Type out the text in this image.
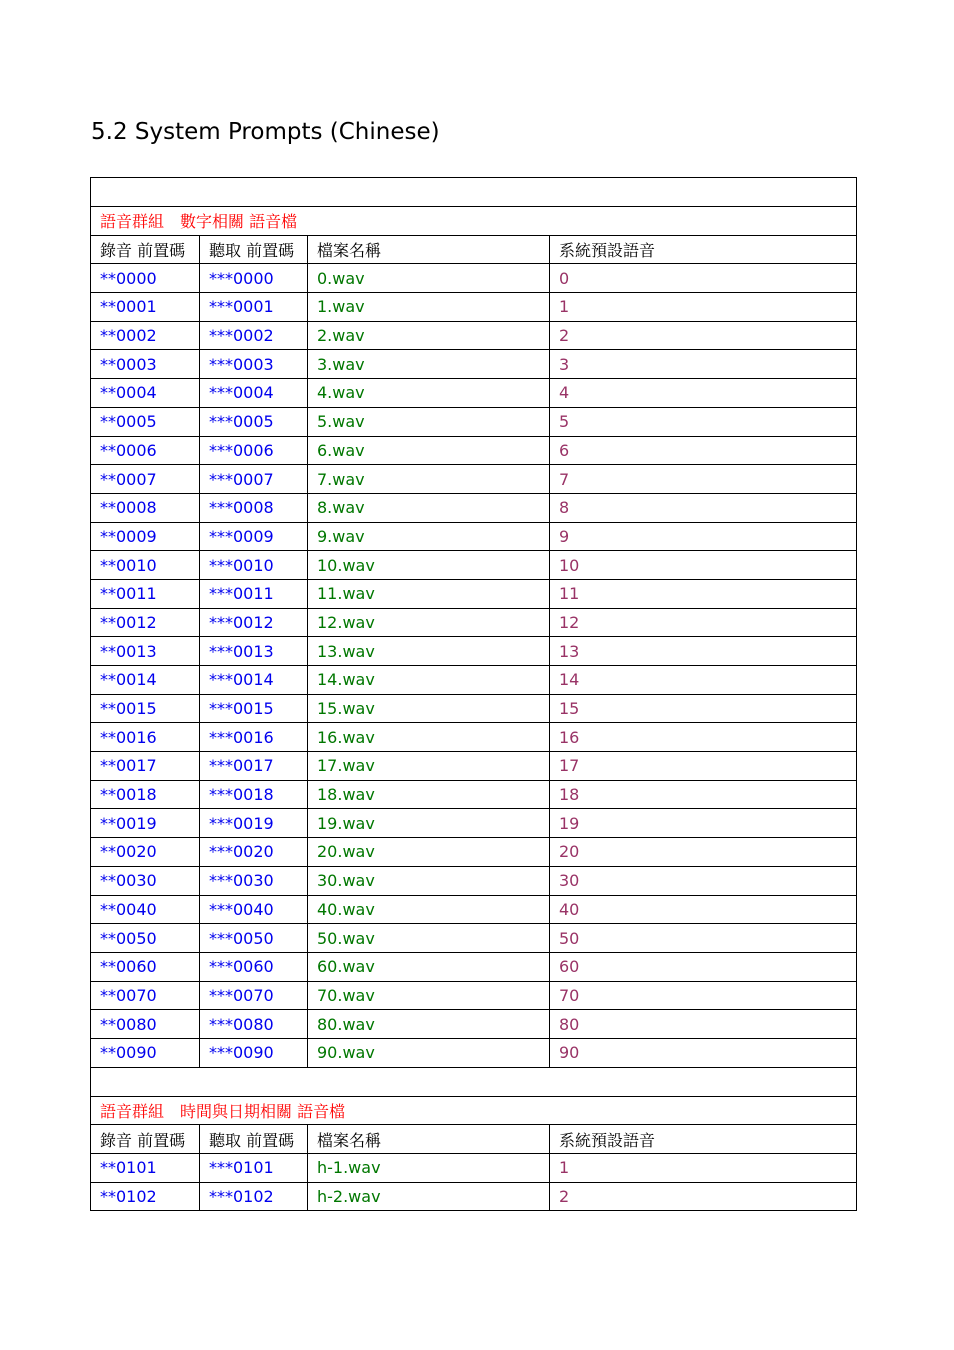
5.2 System Prompts (Chinese)

語音群組　數字相關 語音檔			
錄音 前置碼	聽取 前置碼	檔案名稱	系統預設語音
**0000	***0000	0.wav	0
**0001	***0001	1.wav	1
**0002	***0002	2.wav	2
**0003	***0003	3.wav	3
**0004	***0004	4.wav	4
**0005	***0005	5.wav	5
**0006	***0006	6.wav	6
**0007	***0007	7.wav	7
**0008	***0008	8.wav	8
**0009	***0009	9.wav	9
**0010	***0010	10.wav	10
**0011	***0011	11.wav	11
**0012	***0012	12.wav	12
**0013	***0013	13.wav	13
**0014	***0014	14.wav	14
**0015	***0015	15.wav	15
**0016	***0016	16.wav	16
**0017	***0017	17.wav	17
**0018	***0018	18.wav	18
**0019	***0019	19.wav	19
**0020	***0020	20.wav	20
**0030	***0030	30.wav	30
**0040	***0040	40.wav	40
**0050	***0050	50.wav	50
**0060	***0060	60.wav	60
**0070	***0070	70.wav	70
**0080	***0080	80.wav	80
**0090	***0090	90.wav	90

語音群組　時間與日期相關 語音檔			
錄音 前置碼	聽取 前置碼	檔案名稱	系統預設語音
**0101	***0101	h-1.wav	1
**0102	***0102	h-2.wav	2
